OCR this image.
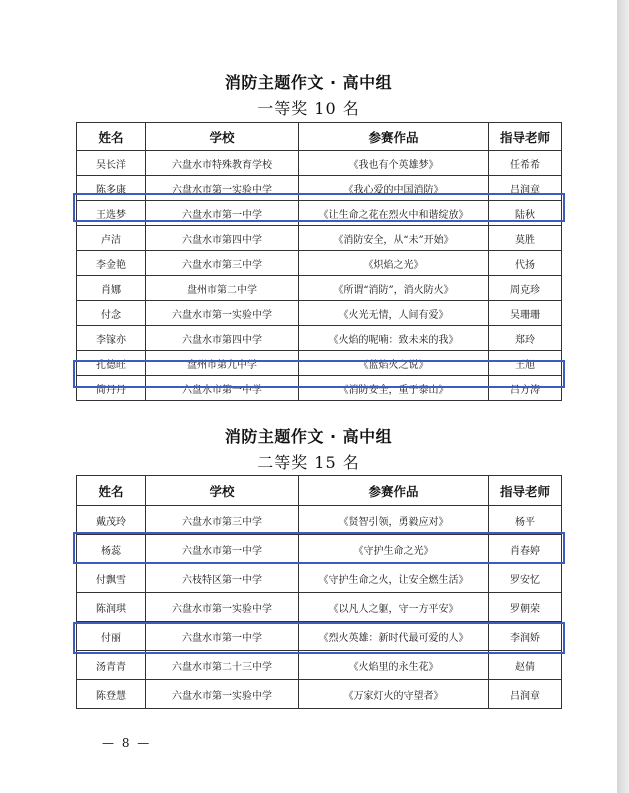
消防主题作文 · 高中组
一等奖 10 名
姓名	学校	参赛作品	指导老师
吴长洋	六盘水市特殊教育学校	《我也有个英雄梦》	任希希
陈多康	六盘水市第一实验中学	《我心爱的中国消防》	吕润章
王选梦	六盘水市第一中学	《让生命之花在烈火中和谐绽放》	陆秋
卢洁	六盘水市第四中学	《消防安全，从“未”开始》	莫胜
李金艳	六盘水市第三中学	《炽焰之光》	代扬
肖娜	盘州市第二中学	《所谓“消防”，消火防火》	周克珍
付念	六盘水市第一实验中学	《火光无情，人间有爱》	吴珊珊
李镓亦	六盘水市第四中学	《火焰的呢喃：致未来的我》	郑玲
孔德旺	盘州市第九中学	《蓝焰火之说》	王旭
简丹丹	六盘水市第一中学	《消防安全，重于泰山》	吕方涛
消防主题作文 · 高中组
二等奖 15 名
姓名	学校	参赛作品	指导老师
戴茂玲	六盘水市第三中学	《贤智引领，勇毅应对》	杨平
杨蕊	六盘水市第一中学	《守护生命之光》	肖春婷
付飘雪	六枝特区第一中学	《守护生命之火，让安全燃生活》	罗安忆
陈润琪	六盘水市第一实验中学	《以凡人之躯，守一方平安》	罗朝荣
付丽	六盘水市第一中学	《烈火英雄：新时代最可爱的人》	李润娇
汤青青	六盘水市第二十三中学	《火焰里的永生花》	赵倩
陈登慧	六盘水市第一实验中学	《万家灯火的守望者》	吕润章
— 8 —
